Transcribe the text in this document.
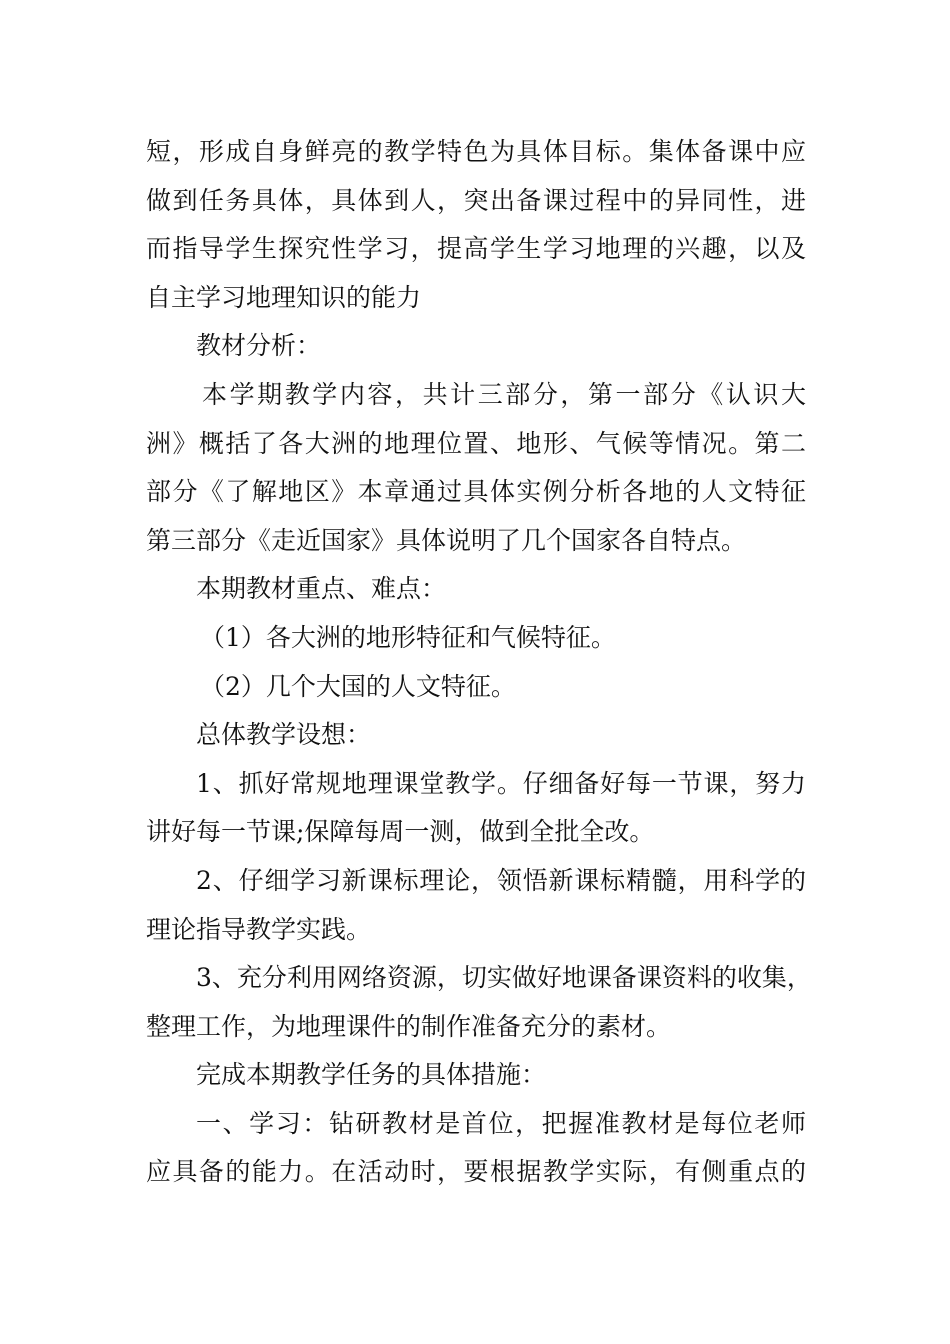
短，形成自身鲜亮的教学特色为具体目标。集体备课中应
做到任务具体，具体到人，突出备课过程中的异同性，进
而指导学生探究性学习，提高学生学习地理的兴趣，以及
自主学习地理知识的能力
教材分析：
本学期教学内容，共计三部分，第一部分《认识大
洲》概括了各大洲的地理位置、地形、气候等情况。第二
部分《了解地区》本章通过具体实例分析各地的人文特征
第三部分《走近国家》具体说明了几个国家各自特点。
本期教材重点、难点：
（1）各大洲的地形特征和气候特征。
（2）几个大国的人文特征。
总体教学设想：
1、抓好常规地理课堂教学。仔细备好每一节课，努力
讲好每一节课;保障每周一测，做到全批全改。
2、仔细学习新课标理论，领悟新课标精髓，用科学的
理论指导教学实践。
3、充分利用网络资源，切实做好地课备课资料的收集，
整理工作，为地理课件的制作准备充分的素材。
完成本期教学任务的具体措施：
一、学习：钻研教材是首位，把握准教材是每位老师
应具备的能力。在活动时，要根据教学实际，有侧重点的
